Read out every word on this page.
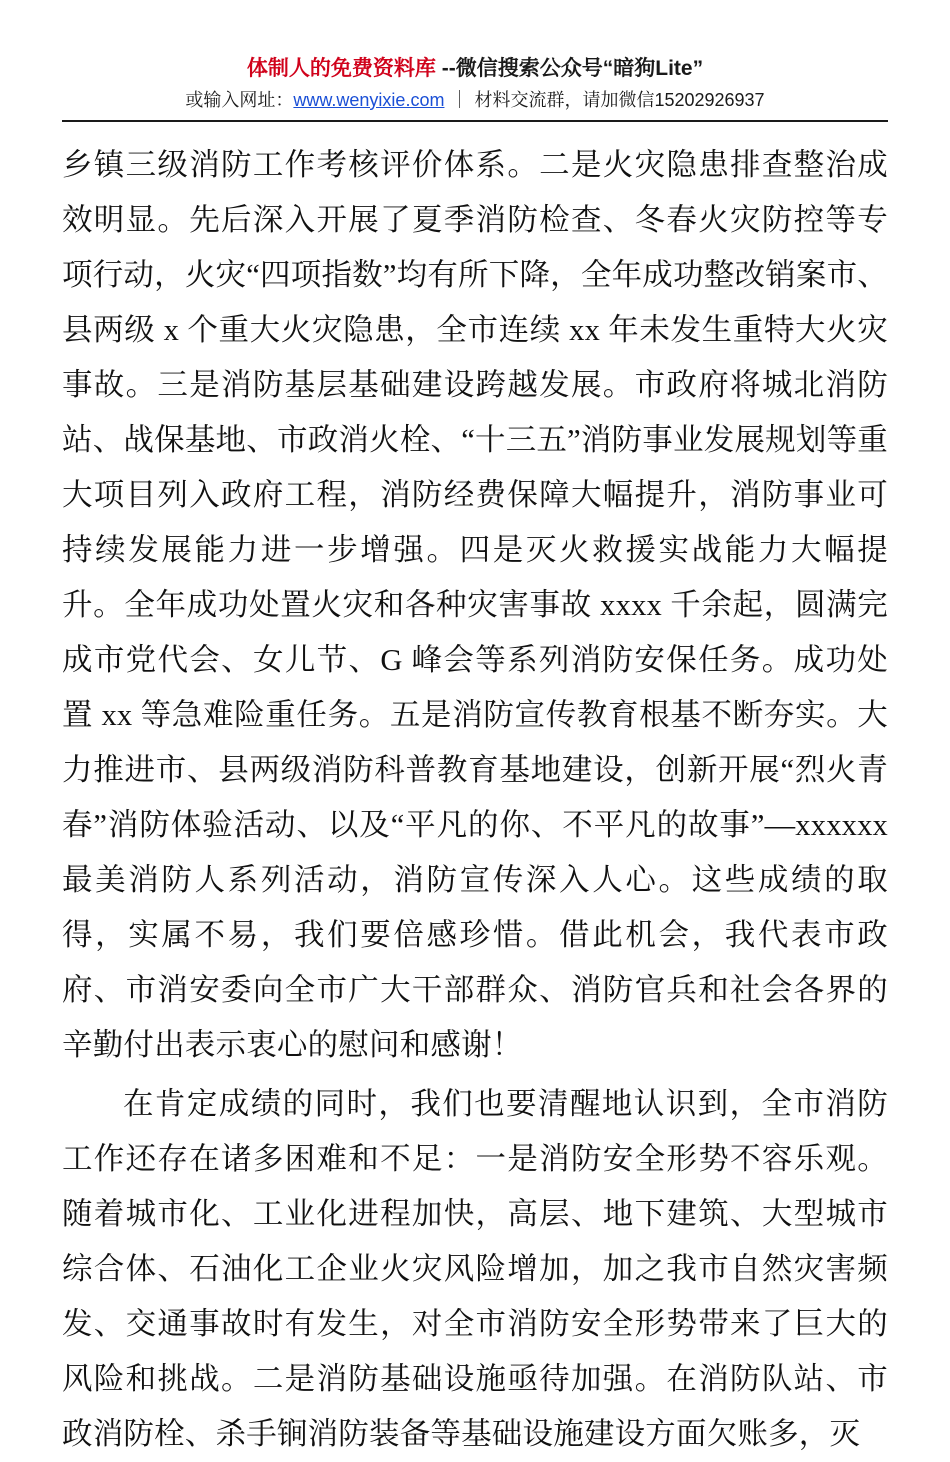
体制人的免费资料库 --微信搜索公众号“暗狗Lite”
或输入网址：www.wenyixie.com ｜ 材料交流群，请加微信15202926937

乡镇三级消防工作考核评价体系。二是火灾隐患排查整治成效明显。先后深入开展了夏季消防检查、冬春火灾防控等专项行动，火灾“四项指数”均有所下降，全年成功整改销案市、县两级 x 个重大火灾隐患，全市连续 xx 年未发生重特大火灾事故。三是消防基层基础建设跨越发展。市政府将城北消防站、战保基地、市政消火栓、“十三五”消防事业发展规划等重大项目列入政府工程，消防经费保障大幅提升，消防事业可持续发展能力进一步增强。四是灭火救援实战能力大幅提升。全年成功处置火灾和各种灾害事故 xxxx 千余起，圆满完成市党代会、女儿节、G 峰会等系列消防安保任务。成功处置 xx 等急难险重任务。五是消防宣传教育根基不断夯实。大力推进市、县两级消防科普教育基地建设，创新开展“烈火青春”消防体验活动、以及“平凡的你、不平凡的故事”—xxxxxx 最美消防人系列活动，消防宣传深入人心。这些成绩的取得，实属不易，我们要倍感珍惜。借此机会，我代表市政府、市消安委向全市广大干部群众、消防官兵和社会各界的辛勤付出表示衷心的慰问和感谢！

在肯定成绩的同时，我们也要清醒地认识到，全市消防工作还存在诸多困难和不足：一是消防安全形势不容乐观。随着城市化、工业化进程加快，高层、地下建筑、大型城市综合体、石油化工企业火灾风险增加，加之我市自然灾害频发、交通事故时有发生，对全市消防安全形势带来了巨大的风险和挑战。二是消防基础设施亟待加强。在消防队站、市政消防栓、杀手锏消防装备等基础设施建设方面欠账多，灭
